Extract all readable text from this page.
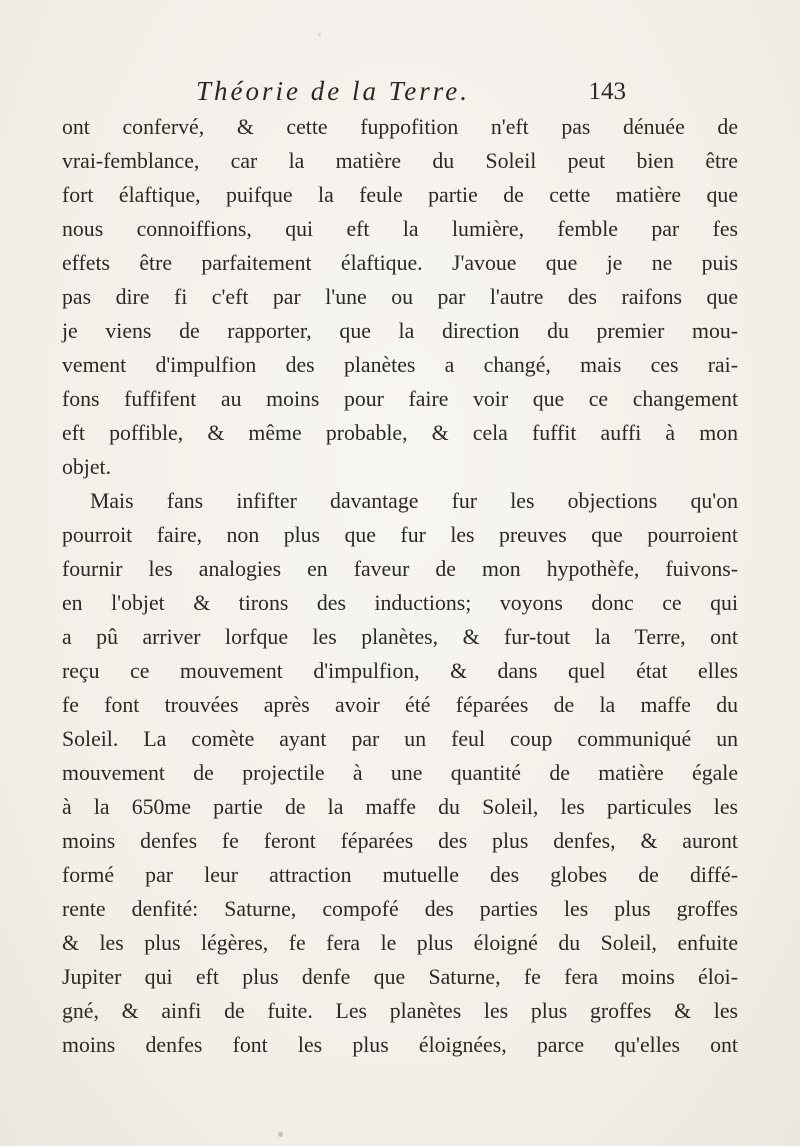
Théorie de la Terre.	143
ont confervé, & cette fuppofition n'eft pas dénuée de
vrai-femblance, car la matière du Soleil peut bien être
fort élaftique, puifque la feule partie de cette matière que
nous connoiffions, qui eft la lumière, femble par fes
effets être parfaitement élaftique. J'avoue que je ne puis
pas dire fi c'eft par l'une ou par l'autre des raifons que
je viens de rapporter, que la direction du premier mou-
vement d'impulfion des planètes a changé, mais ces rai-
fons fuffifent au moins pour faire voir que ce changement
eft poffible, & même probable, & cela fuffit auffi à mon
objet.
Mais fans infifter davantage fur les objections qu'on
pourroit faire, non plus que fur les preuves que pourroient
fournir les analogies en faveur de mon hypothèfe, fuivons-
en l'objet & tirons des inductions; voyons donc ce qui
a pû arriver lorfque les planètes, & fur-tout la Terre, ont
reçu ce mouvement d'impulfion, & dans quel état elles
fe font trouvées après avoir été féparées de la maffe du
Soleil. La comète ayant par un feul coup communiqué un
mouvement de projectile à une quantité de matière égale
à la 650me partie de la maffe du Soleil, les particules les
moins denfes fe feront féparées des plus denfes, & auront
formé par leur attraction mutuelle des globes de diffé-
rente denfité: Saturne, compofé des parties les plus groffes
& les plus légères, fe fera le plus éloigné du Soleil, enfuite
Jupiter qui eft plus denfe que Saturne, fe fera moins éloi-
gné, & ainfi de fuite. Les planètes les plus groffes & les
moins denfes font les plus éloignées, parce qu'elles ont
